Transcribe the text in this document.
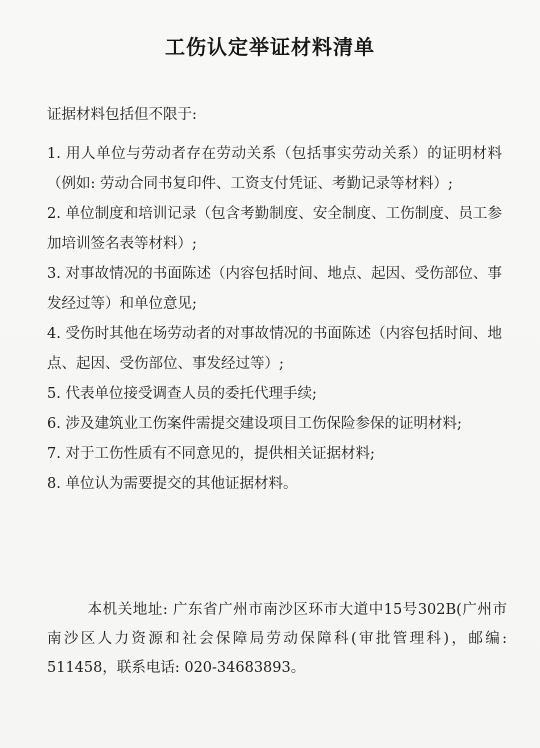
工伤认定举证材料清单
证据材料包括但不限于:
1. 用人单位与劳动者存在劳动关系（包括事实劳动关系）的证明材料（例如: 劳动合同书复印件、工资支付凭证、考勤记录等材料）;
2. 单位制度和培训记录（包含考勤制度、安全制度、工伤制度、员工参加培训签名表等材料）;
3. 对事故情况的书面陈述（内容包括时间、地点、起因、受伤部位、事发经过等）和单位意见;
4. 受伤时其他在场劳动者的对事故情况的书面陈述（内容包括时间、地点、起因、受伤部位、事发经过等）;
5. 代表单位接受调查人员的委托代理手续;
6. 涉及建筑业工伤案件需提交建设项目工伤保险参保的证明材料;
7. 对于工伤性质有不同意见的，提供相关证据材料;
8. 单位认为需要提交的其他证据材料。
本机关地址: 广东省广州市南沙区环市大道中15号302B(广州市南沙区人力资源和社会保障局劳动保障科(审批管理科)，邮编: 511458，联系电话: 020-34683893。
